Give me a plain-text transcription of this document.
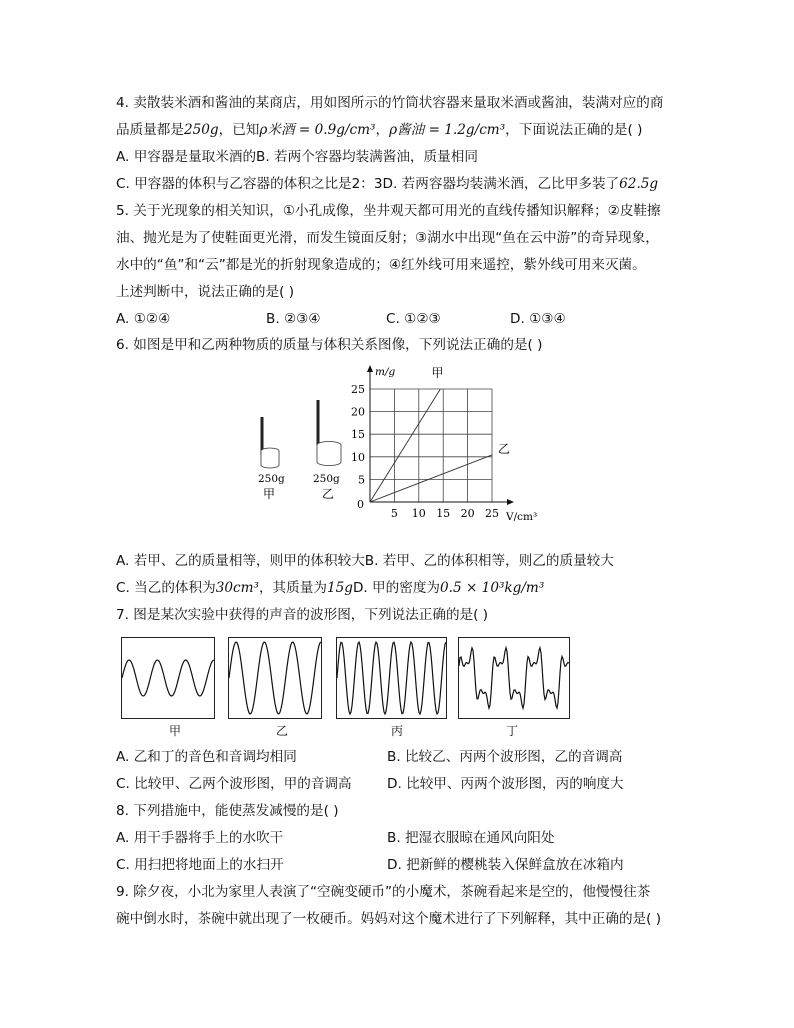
4. 卖散装米酒和酱油的某商店，用如图所示的竹筒状容器来量取米酒或酱油，装满对应的商
品质量都是250g，已知ρ米酒 = 0.9g/cm³，ρ酱油 = 1.2g/cm³，下面说法正确的是( )
A. 甲容器是量取米酒的B. 若两个容器均装满酱油，质量相同
C. 甲容器的体积与乙容器的体积之比是2：3D. 若两容器均装满米酒，乙比甲多装了62.5g
5. 关于光现象的相关知识，①小孔成像，坐井观天都可用光的直线传播知识解释；②皮鞋擦
油、抛光是为了使鞋面更光滑，而发生镜面反射；③湖水中出现“鱼在云中游”的奇异现象，
水中的“鱼”和“云”都是光的折射现象造成的；④红外线可用来遥控，紫外线可用来灭菌。
上述判断中，说法正确的是( )
A. ①②④	B. ②③④	C. ①②③	D. ①③④
6. 如图是甲和乙两种物质的质量与体积关系图像，下列说法正确的是( )
250g
甲
250g
乙
5 10 15 20 25
5
10
15
20
25
0
V/cm³
m/g	甲
乙
A. 若甲、乙的质量相等，则甲的体积较大B. 若甲、乙的体积相等，则乙的质量较大
C. 当乙的体积为30cm³，其质量为15gD. 甲的密度为0.5 × 10³kg/m³
7. 图是某次实验中获得的声音的波形图，下列说法正确的是( )
甲	乙	丙	丁
A. 乙和丁的音色和音调均相同	B. 比较乙、丙两个波形图，乙的音调高
C. 比较甲、乙两个波形图，甲的音调高	D. 比较甲、丙两个波形图，丙的响度大
8. 下列措施中，能使蒸发减慢的是( )
A. 用干手器将手上的水吹干	B. 把湿衣服晾在通风向阳处
C. 用扫把将地面上的水扫开	D. 把新鲜的樱桃装入保鲜盒放在冰箱内
9. 除夕夜，小北为家里人表演了“空碗变硬币”的小魔术，茶碗看起来是空的，他慢慢往茶
碗中倒水时，茶碗中就出现了一枚硬币。妈妈对这个魔术进行了下列解释，其中正确的是( )
